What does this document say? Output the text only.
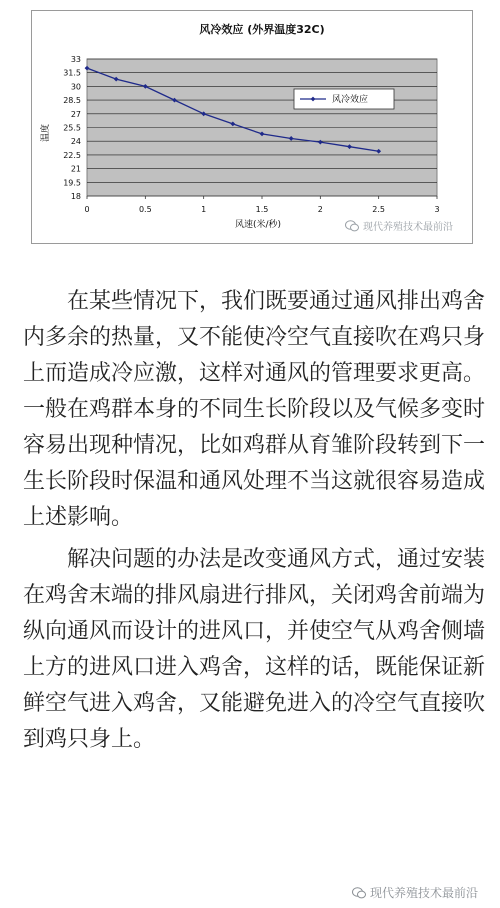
风冷效应 (外界温度32C)
33
31.5
30
28.5
27
25.5
24
22.5
21
19.5
18
0	0.5	1	1.5	2	2.5	3
风冷效应
温度
风速(米/秒)	现代养殖技术最前沿

在某些情况下，我们既要通过通风排出鸡舍内多余的热量，又不能使冷空气直接吹在鸡只身上而造成冷应激，这样对通风的管理要求更高。一般在鸡群本身的不同生长阶段以及气候多变时容易出现种情况，比如鸡群从育雏阶段转到下一生长阶段时保温和通风处理不当这就很容易造成上述影响。

解决问题的办法是改变通风方式，通过安装在鸡舍末端的排风扇进行排风，关闭鸡舍前端为纵向通风而设计的进风口，并使空气从鸡舍侧墙上方的进风口进入鸡舍，这样的话，既能保证新鲜空气进入鸡舍，又能避免进入的冷空气直接吹到鸡只身上。

现代养殖技术最前沿
